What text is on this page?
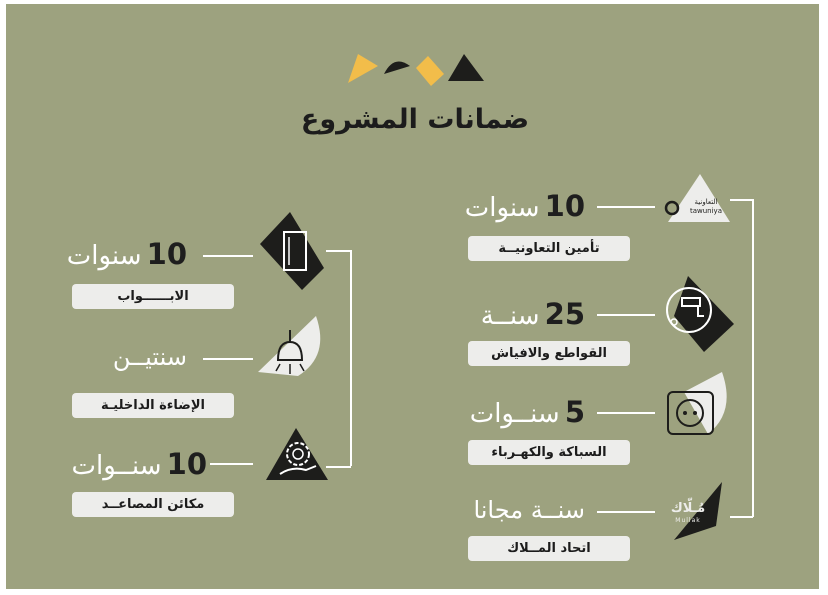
ضمانات المشروع
10 سنوات
تأمين التعاونيــة
التعاونية
tawuniya
25 سنــة
القواطع والافياش
5 سنــوات
السباكة والكهـرباء
سنــة مجانا
اتحاد المــلاك
مُـلّاك
Mullak
10 سنوات
الابــــــواب
سنتيــن
الإضاءة الداخليـة
10 سنــوات
مكائن المصاعــد
